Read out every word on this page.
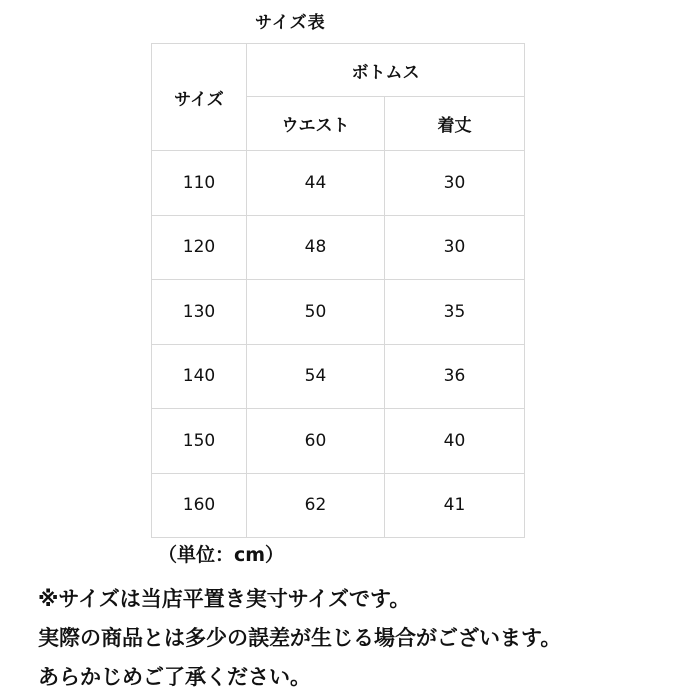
サイズ表
サイズ	ボトムス	
	ウエスト	着丈
110	44	30
120	48	30
130	50	35
140	54	36
150	60	40
160	62	41
（単位：cm）
※サイズは当店平置き実寸サイズです。
実際の商品とは多少の誤差が生じる場合がございます。
あらかじめご了承ください。
